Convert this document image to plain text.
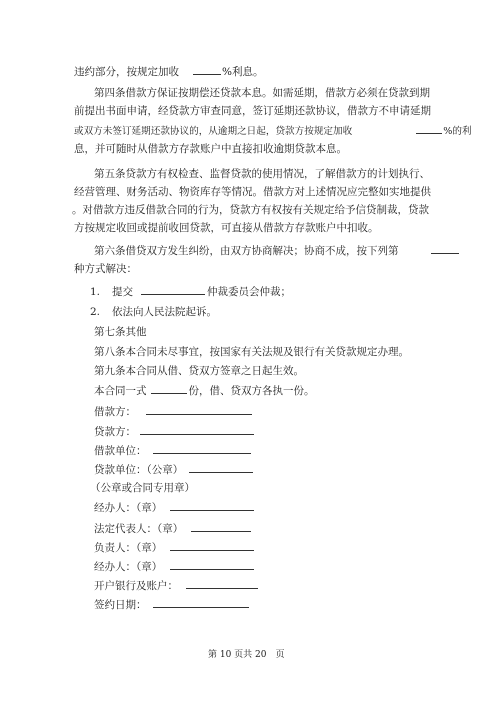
违约部分，按规定加收	%利息。
第四条借款方保证按期偿还贷款本息。如需延期，借款方必须在贷款到期
前提出书面申请，经贷款方审查同意，签订延期还款协议，借款方不申请延期
或双方未签订延期还款协议的，从逾期之日起，贷款方按规定加收	%的利
息，并可随时从借款方存款账户中直接扣收逾期贷款本息。
第五条贷款方有权检查、监督贷款的使用情况，了解借款方的计划执行、
经营管理、财务活动、物资库存等情况。借款方对上述情况应完整如实地提供
。对借款方违反借款合同的行为，贷款方有权按有关规定给予信贷制裁，贷款
方按规定收回或提前收回贷款，可直接从借款方存款账户中扣收。
第六条借贷双方发生纠纷，由双方协商解决；协商不成，按下列第
种方式解决：
1. 提交	仲裁委员会仲裁；
2. 依法向人民法院起诉。
第七条其他
第八条本合同未尽事宜，按国家有关法规及银行有关贷款规定办理。
第九条本合同从借、贷双方签章之日起生效。
本合同一式	份，借、贷双方各执一份。
借款方：
贷款方：
借款单位：
贷款单位：（公章）
（公章或合同专用章）
经办人：（章）
法定代表人：（章）
负责人：（章）
经办人：（章）
开户银行及账户：
签约日期：
第 10 页共 20　页
